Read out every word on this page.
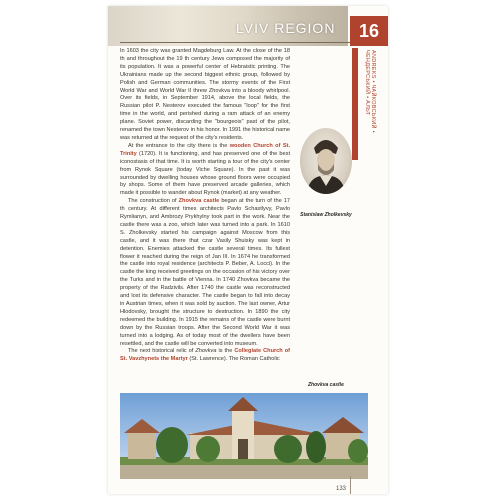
LVIV REGION	16
ANDREKS • ЧАЙКОВСЬКИЙ • ЧЕНДЕРСЬКИЙ • АЛЬТ

In 1603 the city was granted Magdeburg Law. At the close of the 18 th and throughout the 19 th century Jews composed the majority of its population. It was a powerful center of Hebraistic printing. The Ukrainians made up the second biggest ethnic group, followed by Polish and German communities. The stormy events of the First World War and World War II threw Zhovkva into a bloody whirlpool. Over its fields, in September 1914, above the local fields, the Russian pilot P. Nesterov executed the famous "loop" for the first time in the world, and perished during a ram attack of an enemy plane. Soviet power, discarding the "bourgeois" past of the pilot, renamed the town Nesterov in his honor. In 1991 the historical name was returned at the request of the city's residents.

At the entrance to the city there is the wooden Church of St. Trinity (1720). It is functioning, and has preserved one of the best iconostasis of that time. It is worth starting a tour of the city's center from Rynok Square (today Viche Square). In the past it was surrounded by dwelling houses whose ground floors were occupied by shops. Some of them have preserved arcade galleries, which made it possible to wander about Rynok (market) at any weather.

The construction of Zhovkva castle began at the turn of the 17 th century. At different times architects Pavlo Schastlyvy, Pavlo Rymlianyn, and Ambrozy Prykhylny took part in the work. Near the castle there was a zoo, which later was turned into a park. In 1610 S. Zholkevsky started his campaign against Moscow from this castle, and it was there that czar Vasily Shuisky was kept in detention. Enemies attacked the castle several times. Its fullest flower it reached during the reign of Jan III. In 1674 he transformed the castle into royal residence (architects P. Beber, A. Locci). In the castle the king received greetings on the occasion of his victory over the Turks and in the battle of Vienna. In 1740 Zhovkva became the property of the Radzivils. After 1740 the castle was reconstructed and lost its defensive character. The castle began to fall into decay in Austrian times, when it was sold by auction. The last owner, Artur Hlodovsky, brought the structure to destruction. In 1890 the city redeemed the building. In 1915 the remains of the castle were burnt down by the Russian troops. After the Second World War it was turned into a lodging. As of today most of the dwellers have been resettled, and the castle will be converted into museum.

The next historical relic of Zhovkva is the Collegiate Church of St. Vavzhynets the Martyr (St. Lawrence). The Roman Catholic

Stanislaw Zholkevsky
Zhovkva castle
133
